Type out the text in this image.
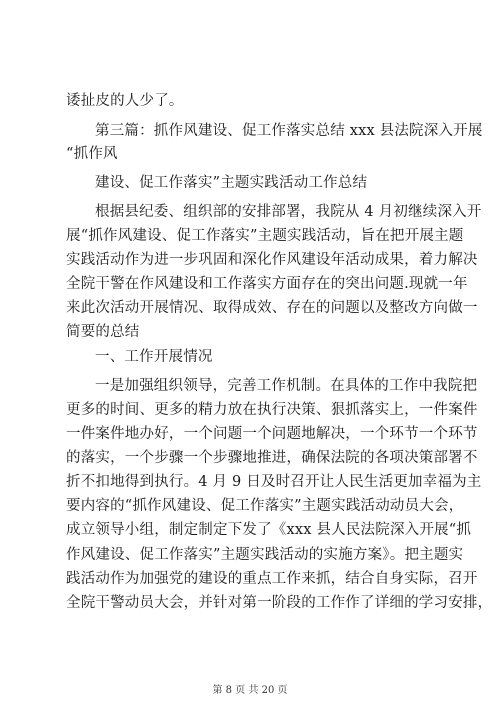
诿扯皮的人少了。
第三篇：抓作风建设、促工作落实总结 xxx 县法院深入开展
“抓作风
建设、促工作落实”主题实践活动工作总结
根据县纪委、组织部的安排部署，我院从 4 月初继续深入开
展“抓作风建设、促工作落实”主题实践活动，旨在把开展主题
实践活动作为进一步巩固和深化作风建设年活动成果，着力解决
全院干警在作风建设和工作落实方面存在的突出问题.现就一年
来此次活动开展情况、取得成效、存在的问题以及整改方向做一
简要的总结
一、工作开展情况
一是加强组织领导，完善工作机制。在具体的工作中我院把
更多的时间、更多的精力放在执行决策、狠抓落实上，一件案件
一件案件地办好，一个问题一个问题地解决，一个环节一个环节
的落实，一个步骤一个步骤地推进，确保法院的各项决策部署不
折不扣地得到执行。4 月 9 日及时召开让人民生活更加幸福为主
要内容的“抓作风建设、促工作落实”主题实践活动动员大会，
成立领导小组，制定制定下发了《xxx 县人民法院深入开展“抓
作风建设、促工作落实”主题实践活动的实施方案》。把主题实
践活动作为加强党的建设的重点工作来抓，结合自身实际，召开
全院干警动员大会，并针对第一阶段的工作作了详细的学习安排，
第 8 页 共 20 页
